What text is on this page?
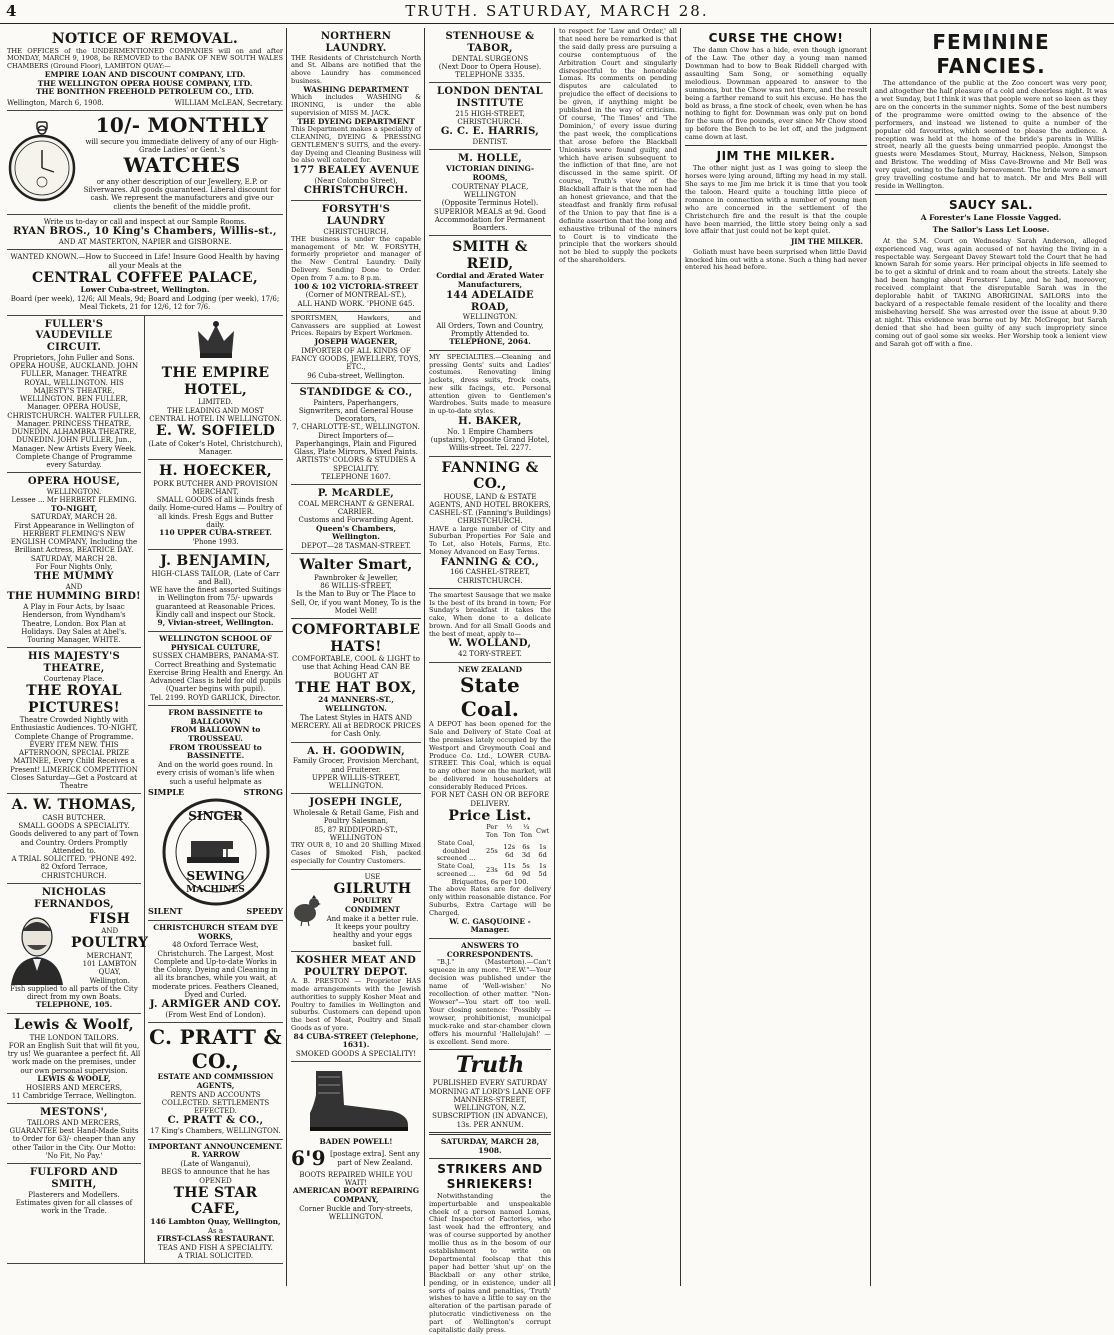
4	TRUTH. SATURDAY, MARCH 28.
NOTICE OF REMOVAL.
THE OFFICES of the UNDERMENTIONED COMPANIES will on and after MONDAY, MARCH 9, 1908, be REMOVED to the BANK OF NEW SOUTH WALES CHAMBERS (Ground Floor), LAMBTON QUAY:—
EMPIRE LOAN AND DISCOUNT COMPANY, LTD.
THE WELLINGTON OPERA HOUSE COMPANY, LTD.
THE BONITHON FREEHOLD PETROLEUM CO., LTD.
Wellington, March 6, 1908.	WILLIAM McLEAN, Secretary.
10/- MONTHLY
will secure you immediate delivery of any of our High-Grade Ladies' or Gent.'s
WATCHES
or any other description of our Jewellery, E.P. or Silverwares. All goods guaranteed. Liberal discount for cash. We represent the manufacturers and give our clients the benefit of the middle profit.
Write us to-day or call and inspect at our Sample Rooms.
RYAN BROS., 10 King's Chambers, Willis-st.,
AND AT MASTERTON, NAPIER and GISBORNE.
WANTED KNOWN.—How to Succeed in Life! Insure Good Health by having all your Meals at the
CENTRAL COFFEE PALACE,
Lower Cuba-street, Wellington.
Board (per week), 12/6; All Meals, 9d; Board and Lodging (per week), 17/6; Meal Tickets, 21 for 12/6, 12 for 7/6.
FULLER'S VAUDEVILLE CIRCUIT.
Proprietors, John Fuller and Sons. OPERA HOUSE, AUCKLAND. JOHN FULLER, Manager. THEATRE ROYAL, WELLINGTON. HIS MAJESTY'S THEATRE, WELLINGTON. BEN FULLER, Manager. OPERA HOUSE, CHRISTCHURCH. WALTER FULLER, Manager. PRINCESS THEATRE, DUNEDIN. ALHAMBRA THEATRE, DUNEDIN. JOHN FULLER, Jun., Manager. New Artists Every Week. Complete Change of Programme every Saturday.
OPERA HOUSE,
WELLINGTON.
Lessee ... Mr HERBERT FLEMING.
TO-NIGHT,
SATURDAY, MARCH 28.
First Appearance in Wellington of HERBERT FLEMING'S NEW ENGLISH COMPANY, Including the Brilliant Actress, BEATRICE DAY.
SATURDAY, MARCH 28.
For Four Nights Only,
THE MUMMY
AND
THE HUMMING BIRD!
A Play in Four Acts, by Isaac Henderson, from Wyndham's Theatre, London. Box Plan at Holidays. Day Sales at Abel's.
Touring Manager, WHITE.
HIS MAJESTY'S THEATRE,
Courtenay Place.
THE ROYAL PICTURES!
Theatre Crowded Nightly with Enthusiastic Audiences. TO-NIGHT, Complete Change of Programme. EVERY ITEM NEW. THIS AFTERNOON, SPECIAL PRIZE MATINEE, Every Child Receives a Present! LIMERICK COMPETITION Closes Saturday—Get a Postcard at Theatre
A. W. THOMAS,
CASH BUTCHER.
SMALL GOODS A SPECIALITY. Goods delivered to any part of Town and Country. Orders Promptly Attended to.
A TRIAL SOLICITED. 'PHONE 492.
82 Oxford Terrace, CHRISTCHURCH.
NICHOLAS FERNANDOS,
FISH
AND
POULTRY
MERCHANT,
101 LAMBTON QUAY,
Wellington.
Fish supplied to all parts of the City direct from my own Boats.
TELEPHONE, 105.
Lewis & Woolf,
THE LONDON TAILORS.
FOR an English Suit that will fit you, try us! We guarantee a perfect fit. All work made on the premises, under our own personal supervision.
LEWIS & WOOLF,
HOSIERS AND MERCERS,
11 Cambridge Terrace, Wellington.
MESTONS',
TAILORS AND MERCERS,
GUARANTEE best Hand-Made Suits to Order for 63/- cheaper than any other Tailor in the City. Our Motto: 'No Fit, No Pay.'
FULFORD AND SMITH,
Plasterers and Modellers.
Estimates given for all classes of work in the Trade.
THE EMPIRE HOTEL,
LIMITED.
THE LEADING AND MOST CENTRAL HOTEL IN WELLINGTON.
E. W. SOFIELD
(Late of Coker's Hotel, Christchurch), Manager.
H. HOECKER,
PORK BUTCHER AND PROVISION MERCHANT,
SMALL GOODS of all kinds fresh daily. Home-cured Hams — Poultry of all kinds. Fresh Eggs and Butter daily.
110 UPPER CUBA-STREET.
'Phone 1993.
J. BENJAMIN,
HIGH-CLASS TAILOR, (Late of Carr and Ball),
WE have the finest assorted Suitings in Wellington from 75/- upwards guaranteed at Reasonable Prices. Kindly call and inspect our Stock.
9, Vivian-street, Wellington.
WELLINGTON SCHOOL OF PHYSICAL CULTURE,
SUSSEX CHAMBERS, PANAMA-ST.
Correct Breathing and Systematic Exercise Bring Health and Energy. An Advanced Class is held for old pupils (Quarter begins with pupil).
Tel. 2199. ROYD GARLICK, Director.
FROM BASSINETTE to BALLGOWN
FROM BALLGOWN to TROUSSEAU.
FROM TROUSSEAU to BASSINETTE.
And on the world goes round. In every crisis of woman's life when such a useful helpmate as
SIMPLE	STRONG
SINGER
SEWING
MACHINES
SILENT	SPEEDY
CHRISTCHURCH STEAM DYE WORKS,
48 Oxford Terrace West, Christchurch. The Largest, Most Complete and Up-to-date Works in the Colony. Dyeing and Cleaning in all its branches, while you wait, at moderate prices. Feathers Cleaned, Dyed and Curled.
J. ARMIGER AND COY.
(From West End of London).
C. PRATT & CO.,
ESTATE AND COMMISSION AGENTS,
RENTS AND ACCOUNTS COLLECTED. SETTLEMENTS EFFECTED.
C. PRATT & CO.,
17 King's Chambers, WELLINGTON.
IMPORTANT ANNOUNCEMENT.
R. YARROW
(Late of Wanganui),
BEGS to announce that he has OPENED
THE STAR CAFE,
146 Lambton Quay, Wellington,
As a
FIRST-CLASS RESTAURANT.
TEAS AND FISH A SPECIALITY.
A TRIAL SOLICITED.
NORTHERN LAUNDRY.
THE Residents of Christchurch North and St. Albans are notified that the above Laundry has commenced business.
WASHING DEPARTMENT
Which includes WASHING & IRONING, is under the able supervision of MISS M. JACK.
THE DYEING DEPARTMENT
This Department makes a speciality of CLEANING, DYEING & PRESSING GENTLEMEN'S SUITS, and the every-day Dyeing and Cleaning Business will be also well catered for.
177 BEALEY AVENUE
(Near Colombo Street),
CHRISTCHURCH.
FORSYTH'S LAUNDRY
CHRISTCHURCH.
THE business is under the capable management of Mr. W. FORSYTH, formerly proprietor and manager of the New Central Laundry. Daily Delivery. Sending Done to Order. Open from 7 a.m. to 8 p.m.
100 & 102 VICTORIA-STREET
(Corner of MONTREAL-ST.),
ALL HAND WORK. 'PHONE 645.
SPORTSMEN, Hawkers, and Canvassers are supplied at Lowest Prices. Repairs by Expert Workmen.
JOSEPH WAGENER,
IMPORTER OF ALL KINDS OF FANCY GOODS, JEWELLERY, TOYS, ETC.,
96 Cuba-street, Wellington.
STANDIDGE & CO.,
Painters, Paperhangers, Signwriters, and General House Decorators,
7, CHARLOTTE-ST., WELLINGTON.
Direct Importers of—Paperhangings, Plain and Figured Glass, Plate Mirrors, Mixed Paints.
ARTISTS' COLORS & STUDIES A SPECIALITY.
TELEPHONE 1607.
P. McARDLE,
COAL MERCHANT & GENERAL CARRIER.
Customs and Forwarding Agent.
Queen's Chambers, Wellington.
DEPOT—28 TASMAN-STREET.
Walter Smart,
Pawnbroker & Jeweller,
86 WILLIS-STREET,
Is the Man to Buy or The Place to Sell, Or, if you want Money, To is the Model Well!
COMFORTABLE HATS!
COMFORTABLE, COOL & LIGHT to use that Aching Head CAN BE BOUGHT AT
THE HAT BOX,
24 MANNERS-ST., WELLINGTON.
The Latest Styles in HATS AND MERCERY. All at BEDROCK PRICES for Cash Only.
A. H. GOODWIN,
Family Grocer, Provision Merchant, and Fruiterer.
UPPER WILLIS-STREET, WELLINGTON.
JOSEPH INGLE,
Wholesale & Retail Game, Fish and Poultry Salesman,
85, 87 RIDDIFORD-ST., WELLINGTON
TRY OUR 8, 10 and 20 Shilling Mixed Cases of Smoked Fish, packed especially for Country Customers.
USE
GILRUTH
POULTRY CONDIMENT
And make it a better rule. It keeps your poultry healthy and your eggs basket full.
KOSHER MEAT AND POULTRY DEPOT.
A. B. PRESTON — Proprietor HAS made arrangements with the Jewish authorities to supply Kosher Meat and Poultry to families in Wellington and suburbs. Customers can depend upon the best of Meat, Poultry and Small Goods as of yore.
84 CUBA-STREET (Telephone, 1631).
SMOKED GOODS A SPECIALITY!
BADEN POWELL!
6'9 [postage extra]. Sent any part of New Zealand.
BOOTS REPAIRED WHILE YOU WAIT!
AMERICAN BOOT REPAIRING COMPANY,
Corner Buckle and Tory-streets, WELLINGTON.
STENHOUSE & TABOR,
DENTAL SURGEONS
(Next Door to Opera House).
TELEPHONE 3335.
LONDON DENTAL INSTITUTE
215 HIGH-STREET, CHRISTCHURCH.
G. C. E. HARRIS,
DENTIST.
M. HOLLE,
VICTORIAN DINING-ROOMS,
COURTENAY PLACE, WELLINGTON
(Opposite Terminus Hotel). SUPERIOR MEALS at 9d. Good Accommodation for Permanent Boarders.
SMITH & REID,
Cordial and Ærated Water Manufacturers,
144 ADELAIDE ROAD,
WELLINGTON.
All Orders, Town and Country, Promptly Attended to.
TELEPHONE, 2064.
MY SPECIALTIES.—Cleaning and pressing Gents' suits and Ladies' costumes. Renovating lining jackets, dress suits, frock coats, new silk facings, etc. Personal attention given to Gentlemen's Wardrobes. Suits made to measure in up-to-date styles.
H. BAKER,
No. 1 Empire Chambers (upstairs), Opposite Grand Hotel, Willis-street. Tel. 2277.
FANNING & CO.,
HOUSE, LAND & ESTATE AGENTS, AND HOTEL BROKERS,
CASHEL-ST. (Fanning's Buildings) CHRISTCHURCH.
HAVE a large number of City and Suburban Properties For Sale and To Let, also Hotels, Farms, Etc. Money Advanced on Easy Terms.
FANNING & CO.,
166 CASHEL-STREET, CHRISTCHURCH.
The smartest Sausage that we make Is the best of its brand in town; For Sunday's breakfast it takes the cake, When done to a delicate brown. And for all Small Goods and the best of meat, apply to—
W. WOLLAND,
42 TORY-STREET.
NEW ZEALAND
State Coal.
A DEPOT has been opened for the Sale and Delivery of State Coal at the premises lately occupied by the Westport and Greymouth Coal and Produce Co. Ltd., LOWER CUBA-STREET. This Coal, which is equal to any other now on the market, will be delivered in householders at considerably Reduced Prices.
FOR NET CASH ON OR BEFORE DELIVERY.
Price List.
	Per Ton	½ Ton	¼ Ton	Cwt
State Coal, doubled screened ...	25s	12s 6d	6s 3d	1s 6d
State Coal, screened ...	23s	11s 6d	5s 9d	1s 5d
Briquettes, 6s per 100.				
The above Rates are for delivery only within reasonable distance. For Suburbs, Extra Cartage will be Charged.
W. C. GASQUOINE - Manager.
ANSWERS TO CORRESPONDENTS.
"B.J." (Masterton).—Can't squeeze in any more. "P.E.W."—Your decision was published under the name of 'Well-wisher.' No recollection of other matter. "Non-Wowser"—You start off too well. Your closing sentence: 'Possibly — wowser, prohibitionist, municipal muck-rake and star-chamber clown offers his mournful 'Hallelujah!' — is excellent. Send more.
Truth
PUBLISHED EVERY SATURDAY MORNING AT LORD'S LANE OFF MANNERS-STREET, WELLINGTON, N.Z. SUBSCRIPTION (IN ADVANCE), 13s. PER ANNUM.
SATURDAY, MARCH 28, 1908.
STRIKERS AND SHRIEKERS!
Notwithstanding the imperturbable and unspeakable cheek of a person named Lomas, Chief Inspector of Factories, who last week had the effrontery, and was of course supported by another mollie thus as in the bosom of our establishment to write on Departmental foolscap that this paper had better 'shut up' on the Blackball or any other strike, pending, or in existence, under all sorts of pains and penalties, 'Truth' wishes to have a little to say on the alteration of the partisan parade of plutocratic vindictiveness on the part of Wellington's corrupt capitalistic daily press.
to respect for 'Law and Order,' all that need here be remarked is that the said daily press are pursuing a course contemptuous of the Arbitration Court and singularly disrespectful to the honorable Lomas. Its comments on pending disputes are calculated to prejudice the effect of decisions to be given, if anything might be published in the way of criticism. Of course, 'The Times' and 'The Dominion,' of every issue during the past week, the complications that arose before the Blackball Unionists were found guilty, and which have arisen subsequent to the infliction of that fine, are not discussed in the same spirit. Of course, Truth's view of the Blackball affair is that the men had an honest grievance, and that the steadfast and frankly firm refusal of the Union to pay that fine is a definite assertion that the long and exhaustive tribunal of the miners to Court is to vindicate the principle that the workers should not be bled to supply the pockets of the shareholders.
CURSE THE CHOW!
The damn Chow has a hide, even though ignorant of the Law. The other day a young man named Downman had to bow to Beak Riddell charged with assaulting Sam Song, or something equally melodious. Downman appeared to answer to the summons, but the Chow was not there, and the result being a farther remand to suit his excuse. He has the bold as brass, a fine stock of cheek, even when he has nothing to fight for. Downman was only put on bond for the sum of five pounds, ever since Mr Chow stood up before the Bench to be let off, and the judgment came down at last.
JIM THE MILKER.
The other night just as I was going to sleep the horses were lying around, lifting my head in my stall. She says to me Jim me brick it is time that you took the taloon. Heard quite a touching little piece of romance in connection with a number of young men who are concerned in the settlement of the Christchurch fire and the result is that the couple have been married, the little story being only a sad love affair that just could not be kept quiet.
JIM THE MILKER.
Goliath must have been surprised when little David knocked him out with a stone. Such a thing had never entered his head before.
FEMININE FANCIES.
The attendance of the public at the Zoo concert was very poor, and altogether the half pleasure of a cold and cheerless night. It was a wet Sunday, but I think it was that people were not so keen as they are on the concerts in the summer nights. Some of the best numbers of the programme were omitted owing to the absence of the performers, and instead we listened to quite a number of the popular old favourites, which seemed to please the audience. A reception was held at the home of the bride's parents in Willis-street, nearly all the guests being unmarried people. Amongst the guests were Mesdames Stout, Murray, Hackness, Nelson, Simpson and Bristow. The wedding of Miss Cave-Browne and Mr Bell was very quiet, owing to the family bereavement. The bride wore a smart grey travelling costume and hat to match. Mr and Mrs Bell will reside in Wellington.
SAUCY SAL.
A Forester's Lane Flossie Vagged.
The Sailor's Lass Let Loose.
At the S.M. Court on Wednesday Sarah Anderson, alleged experienced vag, was again accused of not having the living in a respectable way. Sergeant Davey Stewart told the Court that he had known Sarah for some years. Her principal objects in life seemed to be to get a skinful of drink and to roam about the streets. Lately she had been hanging about Foresters' Lane, and he had, moreover, received complaint that the disreputable Sarah was in the deplorable habit of TAKING ABORIGINAL SAILORS into the backyard of a respectable female resident of the locality and there misbehaving herself. She was arrested over the issue at about 9.30 at night. This evidence was borne out by Mr. McGregor, but Sarah denied that she had been guilty of any such impropriety since coming out of gaol some six weeks. Her Worship took a lenient view and Sarah got off with a fine.
